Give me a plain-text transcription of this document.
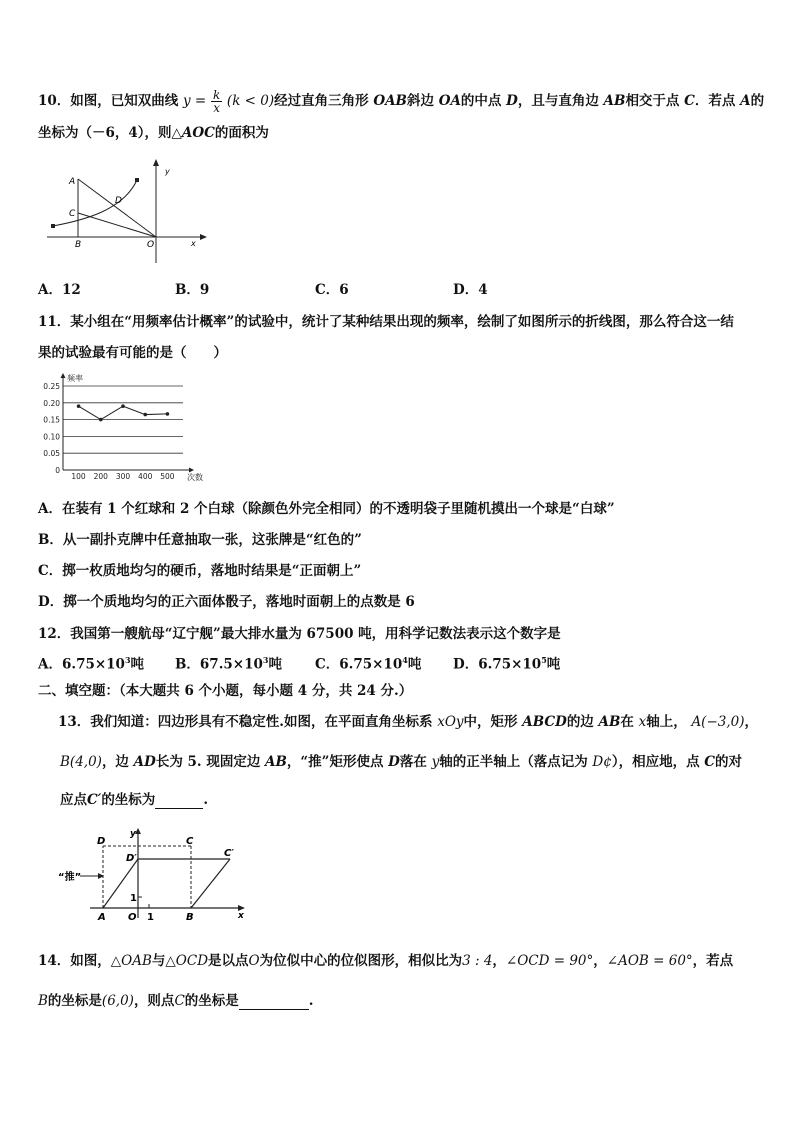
10．如图，已知双曲线 $y = \frac{k}{x} (k < 0)$经过直角三角形 OAB斜边 OA的中点 D，且与直角边 AB相交于点 C．若点 A的
坐标为（－6，4），则△AOC的面积为
A
C
D
B	O	x
y
A．12	B．9	C．6	D．4
11．某小组在“用频率估计概率”的试验中，统计了某种结果出现的频率，绘制了如图所示的折线图，那么符合这一结
果的试验最有可能的是（　　）
0
0.05
0.10
0.15
0.20
0.25
频率
次数
100 200 300 400 500
A．在装有 1 个红球和 2 个白球（除颜色外完全相同）的不透明袋子里随机摸出一个球是“白球”
B．从一副扑克牌中任意抽取一张，这张牌是“红色的”
C．掷一枚质地均匀的硬币，落地时结果是“正面朝上”
D．掷一个质地均匀的正六面体骰子，落地时面朝上的点数是 6
12．我国第一艘航母“辽宁舰”最大排水量为 67500 吨，用科学记数法表示这个数字是
A．$6.75\times 10^3$吨 B．$67.5\times 10^3$吨 C．$6.75\times 10^4$吨 D．$6.75\times 10^5$吨
二、填空题：（本大题共 6 个小题，每小题 4 分，共 24 分.）
13．我们知道：四边形具有不稳定性.如图，在平面直角坐标系 xOy中，矩形 ABCD的边 AB在 x轴上， A(−3,0)，
B(4,0)，边 AD长为 5. 现固定边 AB，“推”矩形使点 D落在 y轴的正半轴上（落点记为 D¢），相应地，点 C的对
应点C′的坐标为	.
D	C
D′	C′
“推”
1
1
A O	B	x
y
14．如图，△OAB与△OCD是以点O为位似中心的位似图形，相似比为3 : 4，∠OCD = 90°，∠AOB = 60°，若点
B的坐标是(6,0)，则点C的坐标是	.
